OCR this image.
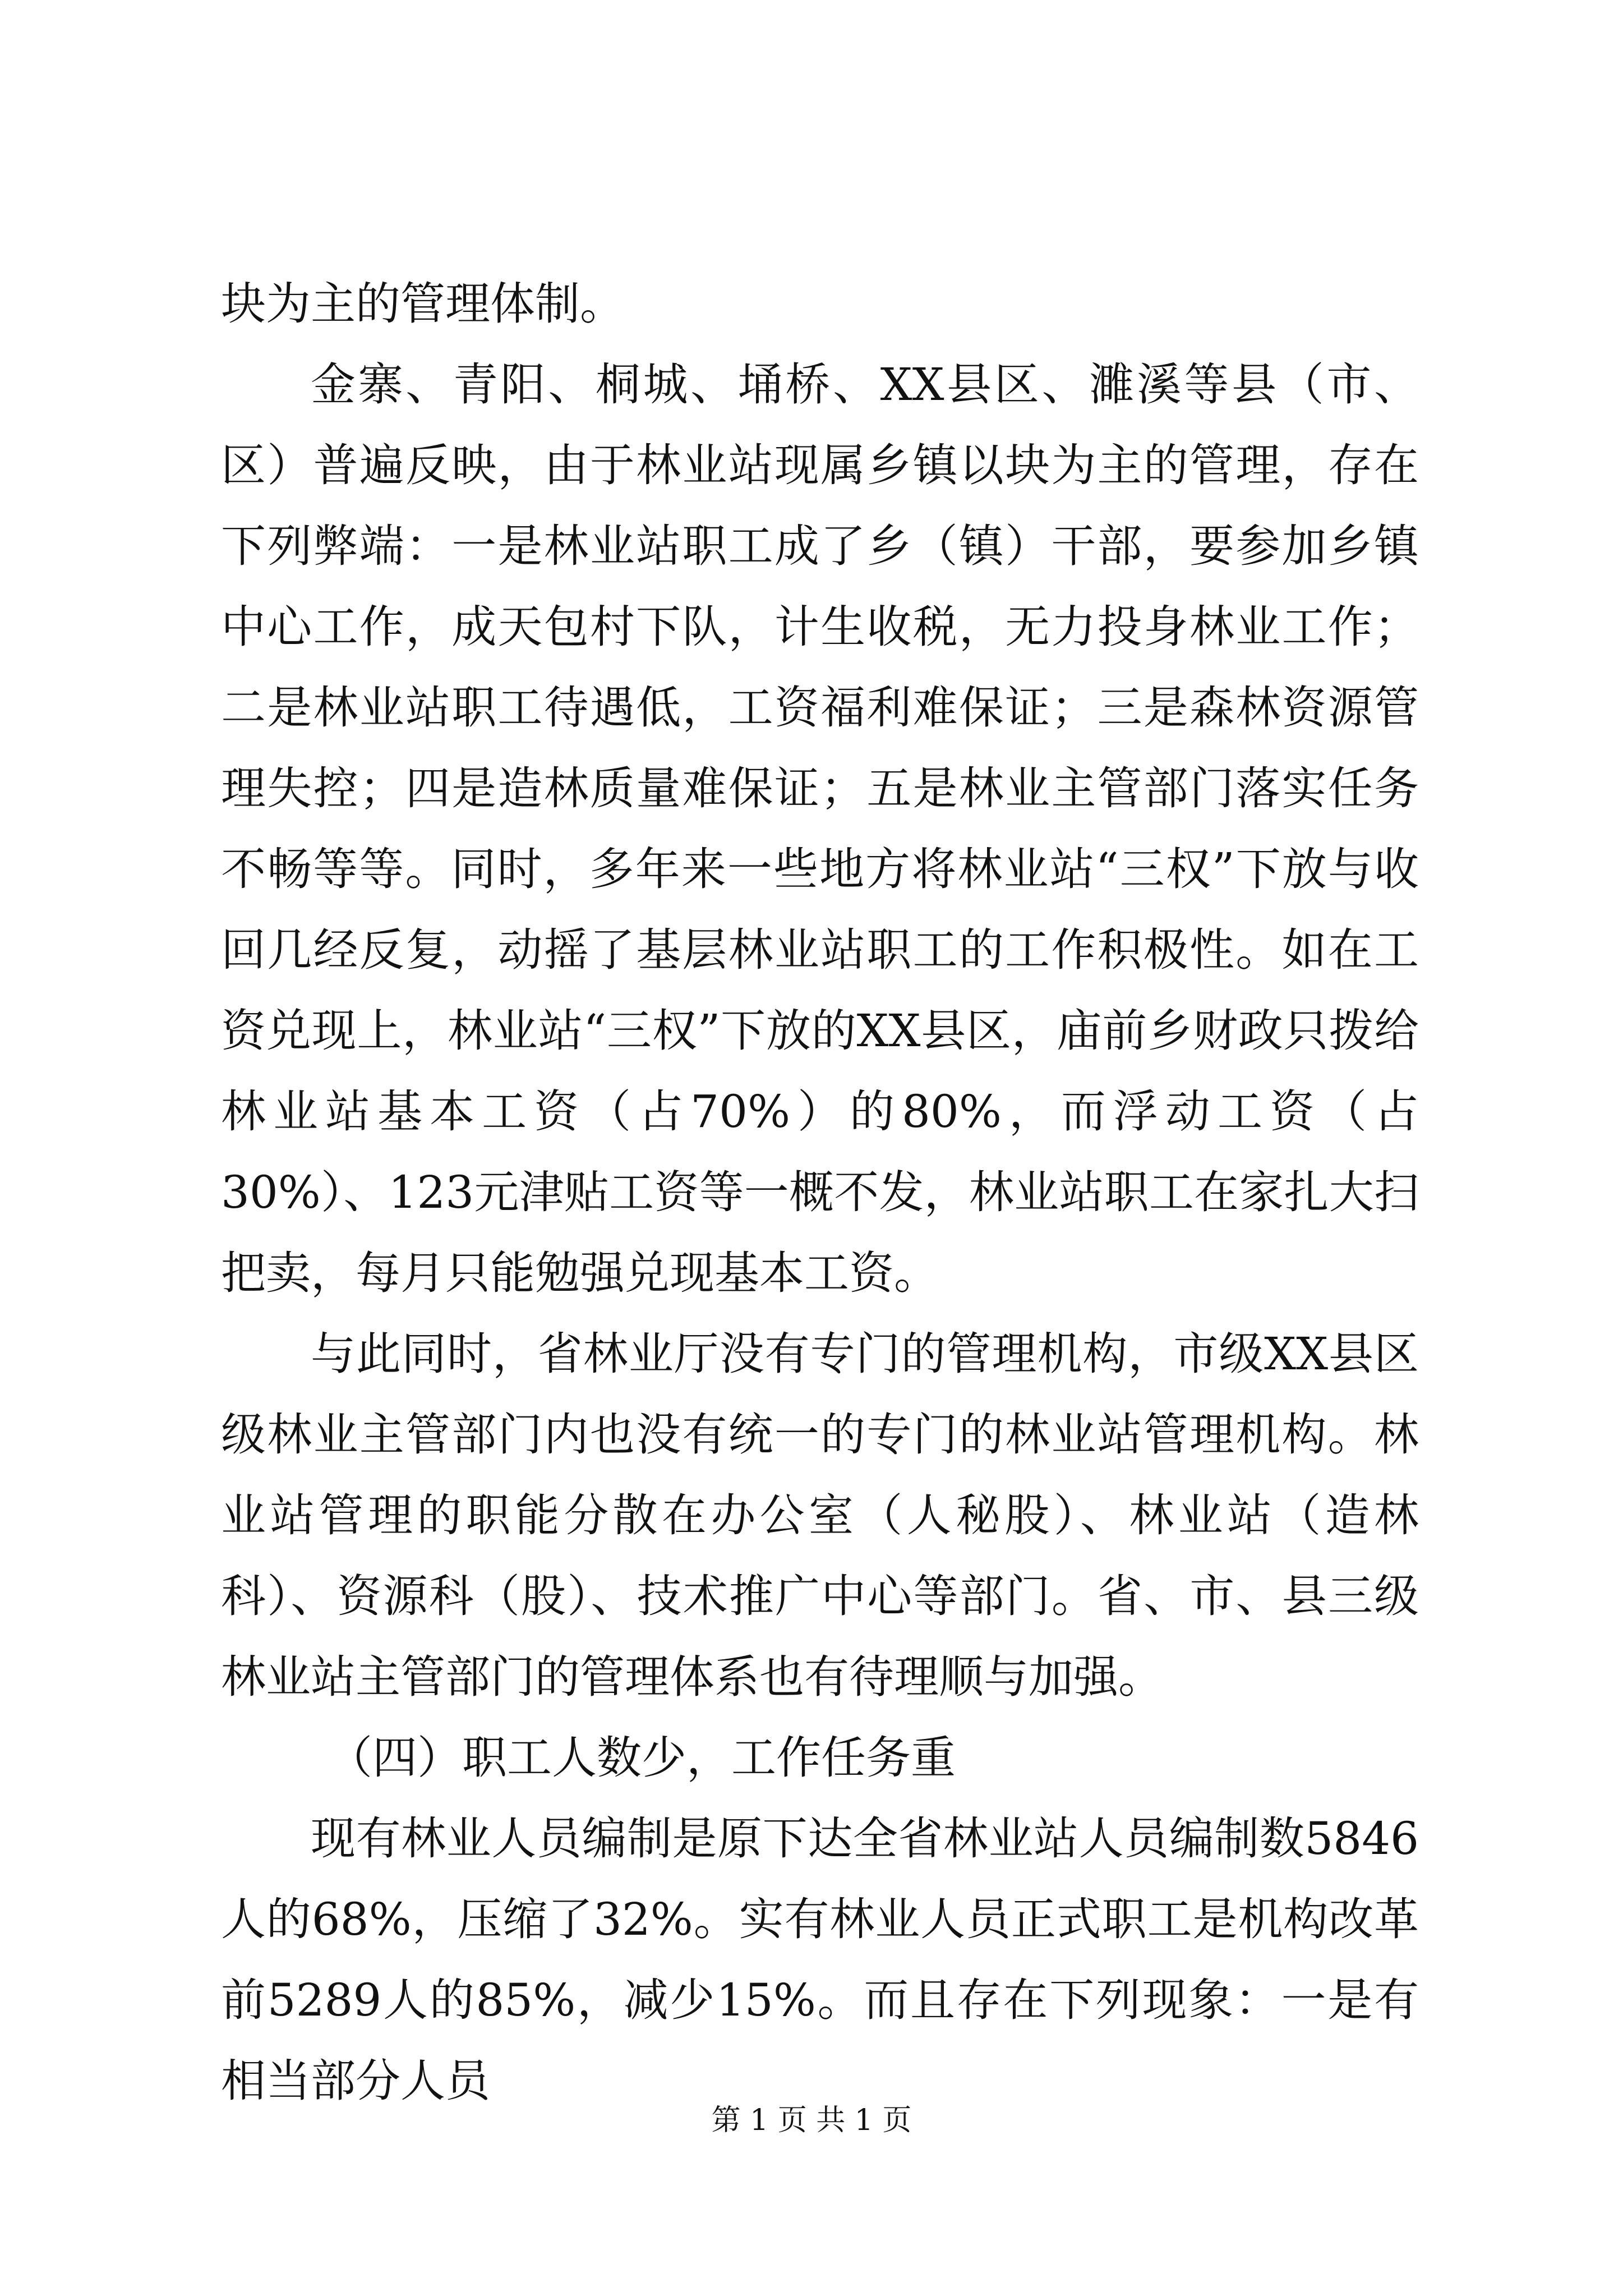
块为主的管理体制。

金寨、青阳、桐城、埇桥、XX县区、濉溪等县（市、区）普遍反映，由于林业站现属乡镇以块为主的管理，存在下列弊端：一是林业站职工成了乡（镇）干部，要参加乡镇中心工作，成天包村下队，计生收税，无力投身林业工作；二是林业站职工待遇低，工资福利难保证；三是森林资源管理失控；四是造林质量难保证；五是林业主管部门落实任务不畅等等。同时，多年来一些地方将林业站“三权”下放与收回几经反复，动摇了基层林业站职工的工作积极性。如在工资兑现上，林业站“三权”下放的XX县区，庙前乡财政只拨给林业站基本工资（占70%）的80%，而浮动工资（占30%）、123元津贴工资等一概不发，林业站职工在家扎大扫把卖，每月只能勉强兑现基本工资。

与此同时，省林业厅没有专门的管理机构，市级XX县区级林业主管部门内也没有统一的专门的林业站管理机构。林业站管理的职能分散在办公室（人秘股）、林业站（造林科）、资源科（股）、技术推广中心等部门。省、市、县三级林业站主管部门的管理体系也有待理顺与加强。

（四）职工人数少，工作任务重

现有林业人员编制是原下达全省林业站人员编制数5846人的68%，压缩了32%。实有林业人员正式职工是机构改革前5289人的85%，减少15%。而且存在下列现象：一是有相当部分人员

第 1 页 共 1 页
